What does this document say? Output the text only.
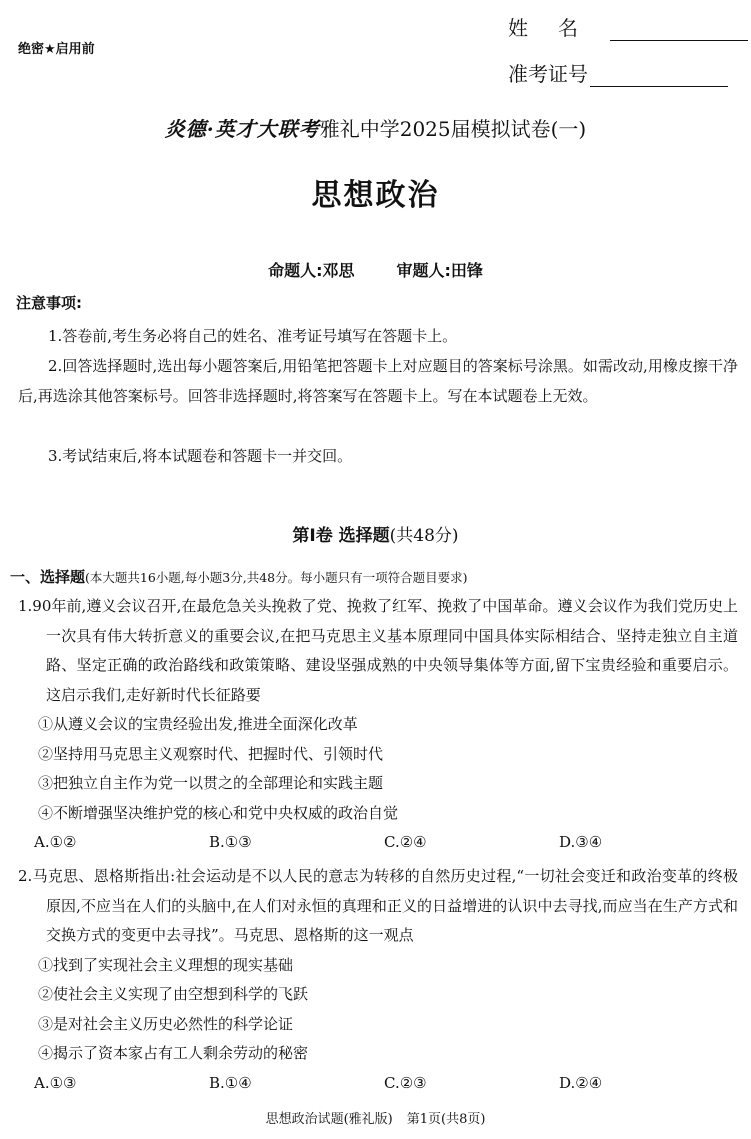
绝密★启用前
姓名
准考证号
炎德·英才大联考雅礼中学2025届模拟试卷(一)
思想政治
命题人:邓思	审题人:田锋
注意事项:
1.答卷前,考生务必将自己的姓名、准考证号填写在答题卡上。
2.回答选择题时,选出每小题答案后,用铅笔把答题卡上对应题目的答案标号涂黑。如需改动,用橡皮擦干净后,再选涂其他答案标号。回答非选择题时,将答案写在答题卡上。写在本试题卷上无效。
3.考试结束后,将本试题卷和答题卡一并交回。
第Ⅰ卷 选择题(共48分)
一、选择题(本大题共16小题,每小题3分,共48分。每小题只有一项符合题目要求)
1.90年前,遵义会议召开,在最危急关头挽救了党、挽救了红军、挽救了中国革命。遵义会议作为我们党历史上一次具有伟大转折意义的重要会议,在把马克思主义基本原理同中国具体实际相结合、坚持走独立自主道路、坚定正确的政治路线和政策策略、建设坚强成熟的中央领导集体等方面,留下宝贵经验和重要启示。这启示我们,走好新时代长征路要
①从遵义会议的宝贵经验出发,推进全面深化改革
②坚持用马克思主义观察时代、把握时代、引领时代
③把独立自主作为党一以贯之的全部理论和实践主题
④不断增强坚决维护党的核心和党中央权威的政治自觉
A.①②	B.①③	C.②④	D.③④
2.马克思、恩格斯指出:社会运动是不以人民的意志为转移的自然历史过程,“一切社会变迁和政治变革的终极原因,不应当在人们的头脑中,在人们对永恒的真理和正义的日益增进的认识中去寻找,而应当在生产方式和交换方式的变更中去寻找”。马克思、恩格斯的这一观点
①找到了实现社会主义理想的现实基础
②使社会主义实现了由空想到科学的飞跃
③是对社会主义历史必然性的科学论证
④揭示了资本家占有工人剩余劳动的秘密
A.①③	B.①④	C.②③	D.②④
思想政治试题(雅礼版) 第1页(共8页)
